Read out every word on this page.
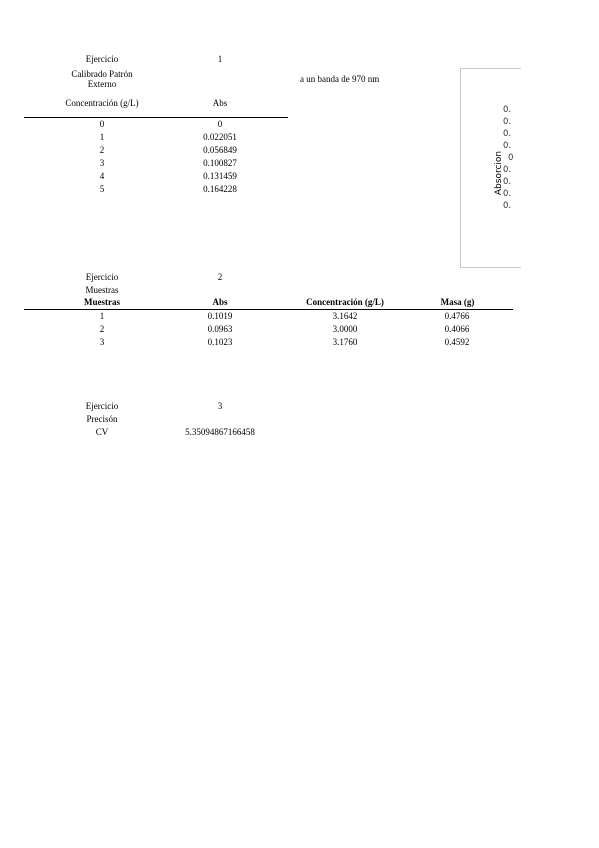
Ejercicio	1
Calibrado Patrón
Externo	a un banda de 970 nm
Concentración (g/L)	Abs
0	0
1	0.022051
2	0.056849
3	0.100827
4	0.131459
5	0.164228	Absorcion
0.
0.
0.
0.
0
0.
0.
0.
0.
Ejercicio	2
Muestras
Muestras	Abs	Concentración (g/L)	Masa (g)
1	0.1019	3.1642	0.4766
2	0.0963	3.0000	0.4066
3	0.1023	3.1760	0.4592
Ejercicio	3
Precisón
CV	5.35094867166458
